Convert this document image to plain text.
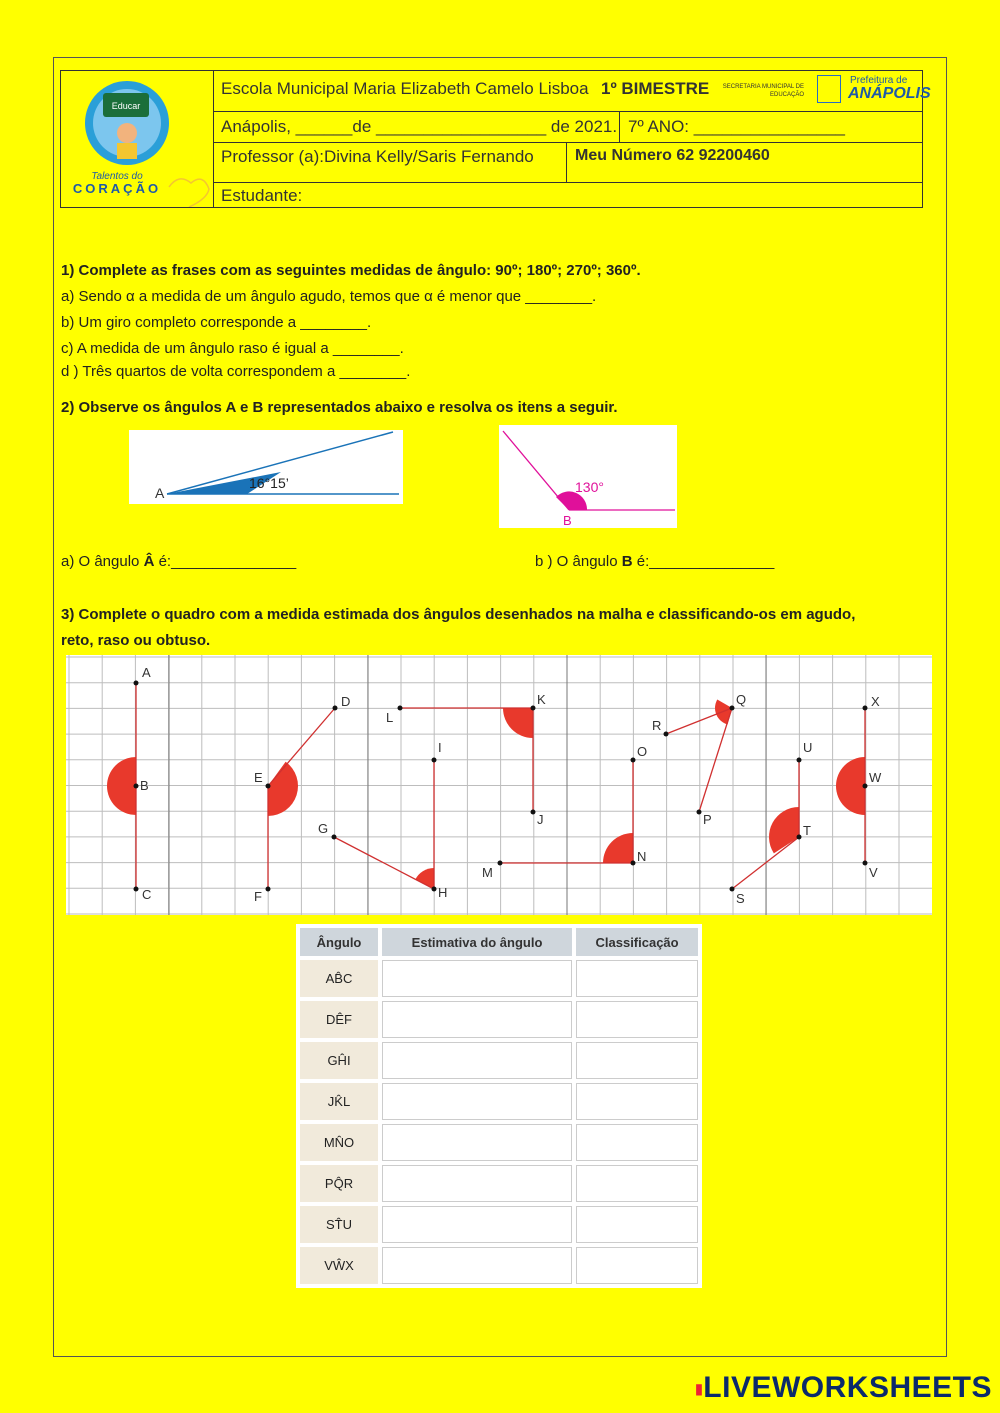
Educar
Talentos do
CORAÇÃO
Escola Municipal Maria Elizabeth Camelo Lisboa 1º BIMESTRE	SECRETARIA MUNICIPAL DE EDUCAÇÃO
Prefeitura de
ANÁPOLIS
Anápolis, ______de __________________ de 2021. 7º ANO: ________________
Professor (a):Divina Kelly/Saris Fernando	Meu Número 62 92200460
Estudante:
1) Complete as frases com as seguintes medidas de ângulo: 90º; 180º; 270º; 360º.
a) Sendo α a medida de um ângulo agudo, temos que α é menor que ________.
b) Um giro completo corresponde a ________.
c) A medida de um ângulo raso é igual a ________.
d ) Três quartos de volta correspondem a ________.
2) Observe os ângulos A e B representados abaixo e resolva os itens a seguir.
A
16°15’	130°
B
a) O ângulo Â é:_______________	b ) O ângulo B é:_______________
3) Complete o quadro com a medida estimada dos ângulos desenhados na malha e classificando-os em agudo,
reto, raso ou obtuso.
A
B
C
D
E
F
G
H
I
J
K
L
M
N
O
P
Q
R
S
T
U
V
W
X
Ângulo	Estimativa do ângulo	Classificação
AB̂C		
DÊF		
GĤI		
JK̂L		
MN̂O		
PQ̂R		
ST̂U		
VŴX		
▮LIVEWORKSHEETS
